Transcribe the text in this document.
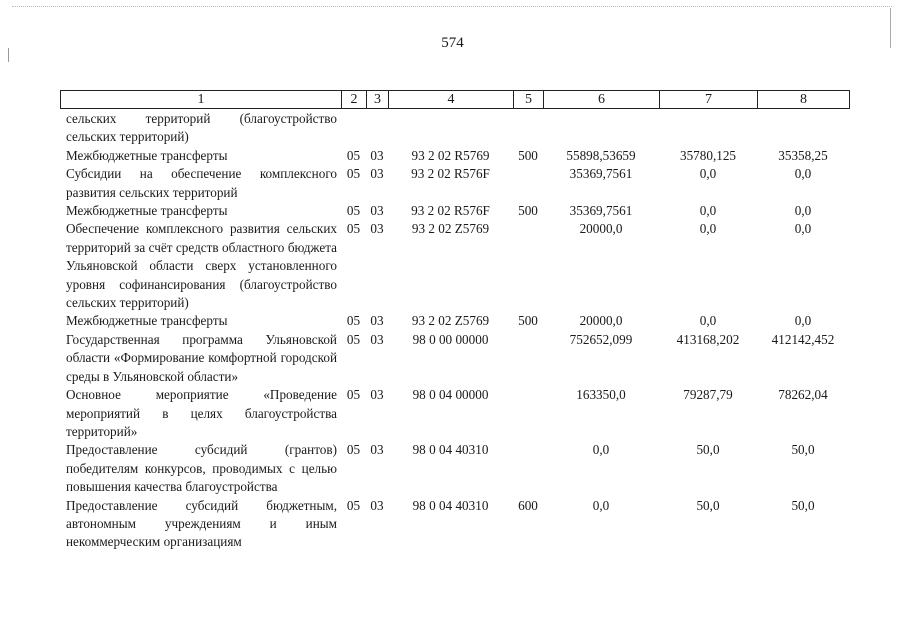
574
1	2	3	4	5	6	7	8
сельских территорий (благоустройство сельских территорий)							
Межбюджетные трансферты	05	03	93 2 02 R5769	500	55898,53659	35780,125	35358,25
Субсидии на обеспечение комплексного развития сельских территорий	05	03	93 2 02 R576F		35369,7561	0,0	0,0
Межбюджетные трансферты	05	03	93 2 02 R576F	500	35369,7561	0,0	0,0
Обеспечение комплексного развития сельских территорий за счёт средств областного бюджета Ульяновской области сверх установленного уровня софинансирования (благоустройство сельских территорий)	05	03	93 2 02 Z5769		20000,0	0,0	0,0
Межбюджетные трансферты	05	03	93 2 02 Z5769	500	20000,0	0,0	0,0
Государственная программа Ульяновской области «Формирование комфортной городской среды в Ульяновской области»	05	03	98 0 00 00000		752652,099	413168,202	412142,452
Основное мероприятие «Проведение мероприятий в целях благоустройства территорий»	05	03	98 0 04 00000		163350,0	79287,79	78262,04
Предоставление субсидий (грантов) победителям конкурсов, проводимых с целью повышения качества благоустройства	05	03	98 0 04 40310		0,0	50,0	50,0
Предоставление субсидий бюджетным, автономным учреждениям и иным некоммерческим организациям	05	03	98 0 04 40310	600	0,0	50,0	50,0
